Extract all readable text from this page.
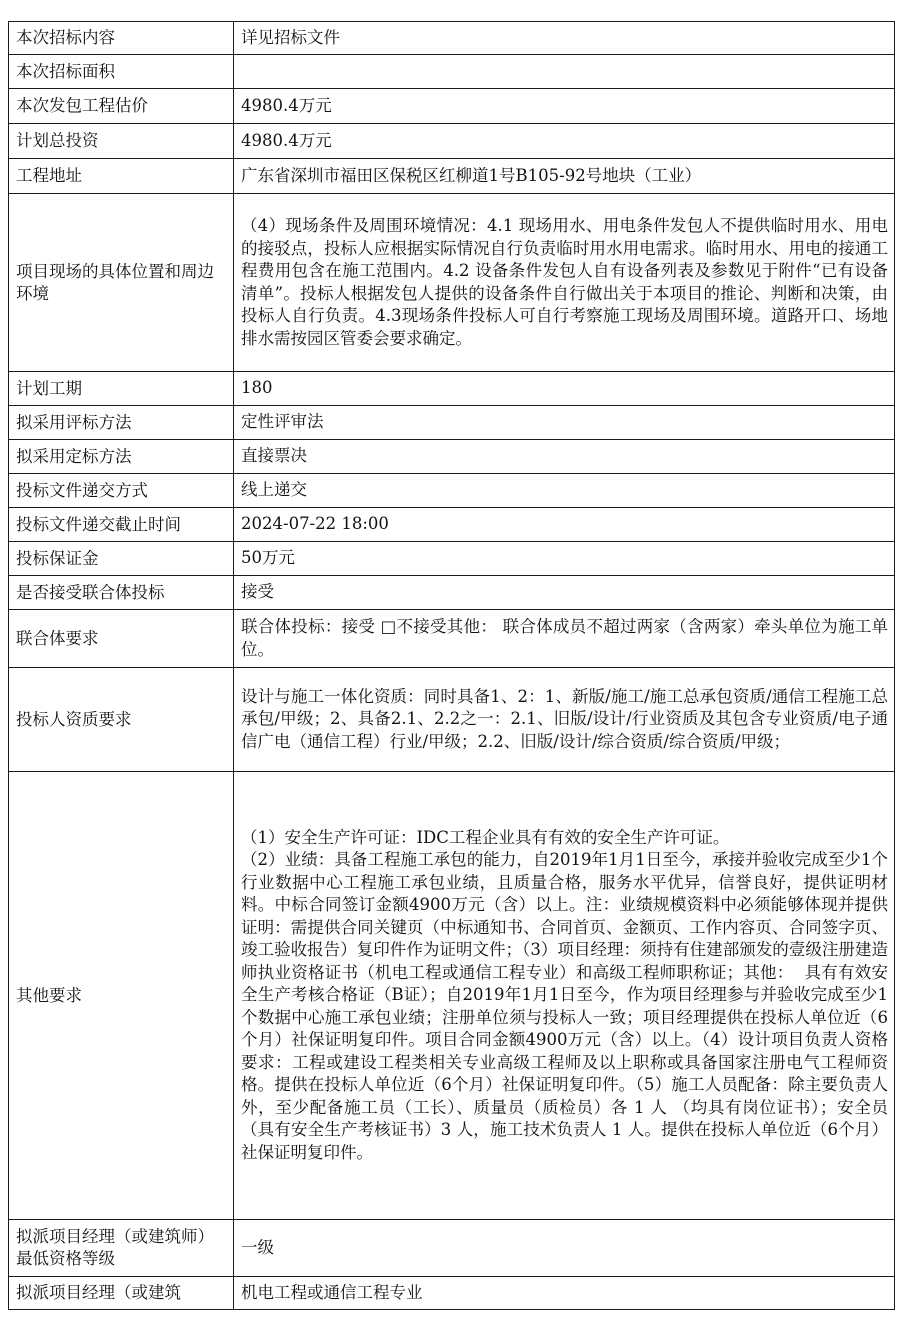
本次招标内容	详见招标文件
本次招标面积	
本次发包工程估价	4980.4万元
计划总投资	4980.4万元
工程地址	广东省深圳市福田区保税区红柳道1号B105-92号地块（工业）
项目现场的具体位置和周边环境	（4）现场条件及周围环境情况：4.1 现场用水、用电条件发包人不提供临时用水、用电的接驳点，投标人应根据实际情况自行负责临时用水用电需求。临时用水、用电的接通工程费用包含在施工范围内。4.2 设备条件发包人自有设备列表及参数见于附件“已有设备清单”。投标人根据发包人提供的设备条件自行做出关于本项目的推论、判断和决策，由投标人自行负责。4.3现场条件投标人可自行考察施工现场及周围环境。道路开口、场地排水需按园区管委会要求确定。
计划工期	180
拟采用评标方法	定性评审法
拟采用定标方法	直接票决
投标文件递交方式	线上递交
投标文件递交截止时间	2024-07-22 18:00
投标保证金	50万元
是否接受联合体投标	接受
联合体要求	联合体投标：接受 □不接受其他： 联合体成员不超过两家（含两家）牵头单位为施工单位。
投标人资质要求	设计与施工一体化资质：同时具备1、2：1、新版/施工/施工总承包资质/通信工程施工总承包/甲级；2、具备2.1、2.2之一：2.1、旧版/设计/行业资质及其包含专业资质/电子通信广电（通信工程）行业/甲级；2.2、旧版/设计/综合资质/综合资质/甲级；
其他要求	（1）安全生产许可证：IDC工程企业具有有效的安全生产许可证。
（2）业绩：具备工程施工承包的能力，自2019年1月1日至今，承接并验收完成至少1个行业数据中心工程施工承包业绩，且质量合格，服务水平优异，信誉良好，提供证明材料。中标合同签订金额4900万元（含）以上。注：业绩规模资料中必须能够体现并提供证明：需提供合同关键页（中标通知书、合同首页、金额页、工作内容页、合同签字页、竣工验收报告）复印件作为证明文件；（3）项目经理：须持有住建部颁发的壹级注册建造师执业资格证书（机电工程或通信工程专业）和高级工程师职称证；其他：  具有有效安全生产考核合格证（B证）；自2019年1月1日至今，作为项目经理参与并验收完成至少1个数据中心施工承包业绩；注册单位须与投标人一致；项目经理提供在投标人单位近（6个月）社保证明复印件。项目合同金额4900万元（含）以上。（4）设计项目负责人资格要求：工程或建设工程类相关专业高级工程师及以上职称或具备国家注册电气工程师资格。提供在投标人单位近（6个月）社保证明复印件。（5）施工人员配备：除主要负责人外，至少配备施工员（工长）、质量员（质检员）各 1 人 （均具有岗位证书）；安全员（具有安全生产考核证书）3 人，施工技术负责人 1 人。提供在投标人单位近（6个月）社保证明复印件。
拟派项目经理（或建筑师）最低资格等级	一级
拟派项目经理（或建筑	机电工程或通信工程专业
